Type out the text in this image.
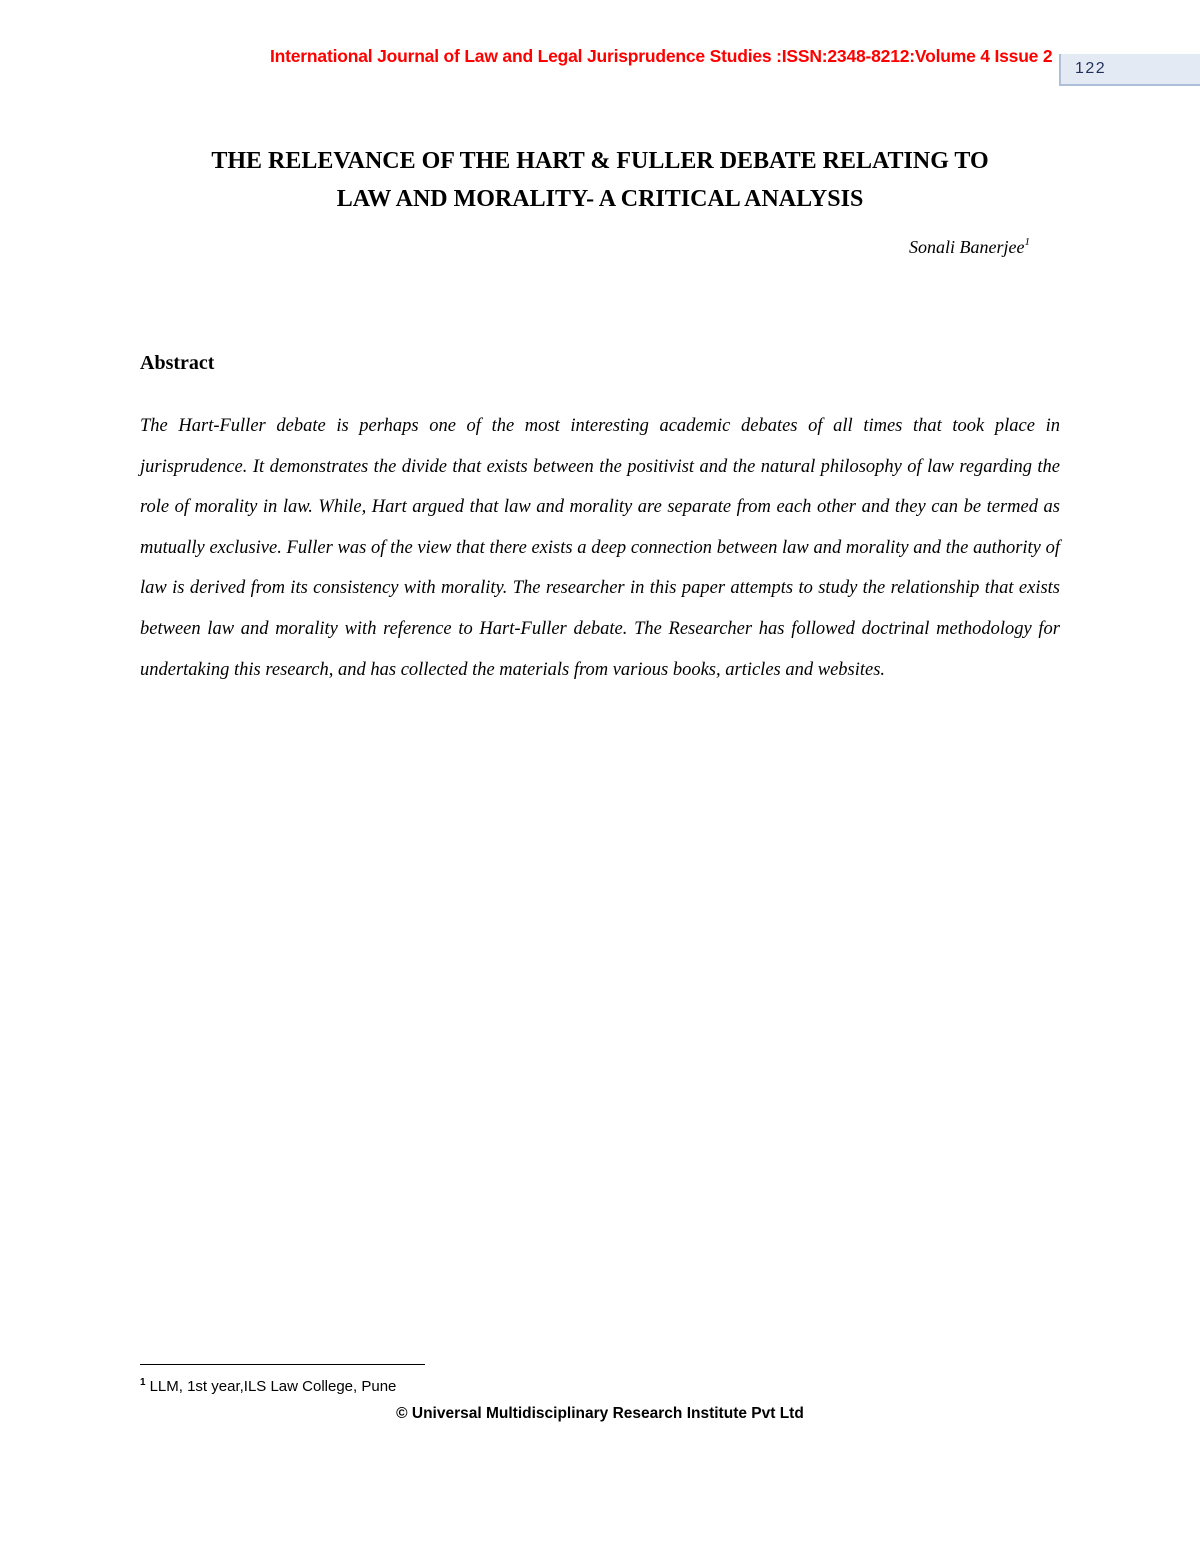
International Journal of Law and Legal Jurisprudence Studies :ISSN:2348-8212:Volume 4 Issue 2
122
THE RELEVANCE OF THE HART & FULLER DEBATE RELATING TO
LAW AND MORALITY- A CRITICAL ANALYSIS
Sonali Banerjee$^1$
Abstract
The Hart-Fuller debate is perhaps one of the most interesting academic debates of all times that took place in jurisprudence. It demonstrates the divide that exists between the positivist and the natural philosophy of law regarding the role of morality in law. While, Hart argued that law and morality are separate from each other and they can be termed as mutually exclusive. Fuller was of the view that there exists a deep connection between law and morality and the authority of law is derived from its consistency with morality. The researcher in this paper attempts to study the relationship that exists between law and morality with reference to Hart-Fuller debate. The Researcher has followed doctrinal methodology for undertaking this research, and has collected the materials from various books, articles and websites.
$^1$ LLM, 1st year,ILS Law College, Pune
© Universal Multidisciplinary Research Institute Pvt Ltd
